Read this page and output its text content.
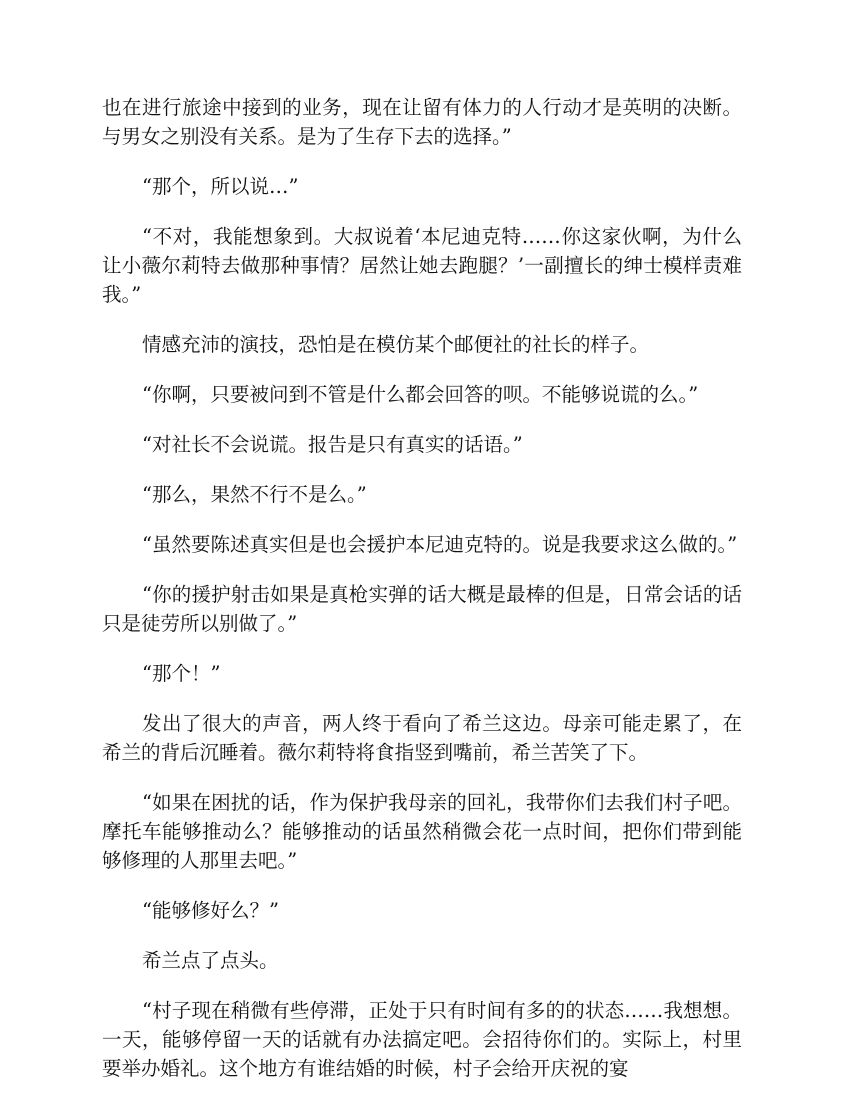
也在进行旅途中接到的业务，现在让留有体力的人行动才是英明的决断。与男女之别没有关系。是为了生存下去的选择。”

“那个，所以说…”

“不对，我能想象到。大叔说着‘本尼迪克特……你这家伙啊，为什么让小薇尔莉特去做那种事情？居然让她去跑腿？’一副擅长的绅士模样责难我。”

情感充沛的演技，恐怕是在模仿某个邮便社的社长的样子。

“你啊，只要被问到不管是什么都会回答的呗。不能够说谎的么。”

“对社长不会说谎。报告是只有真实的话语。”

“那么，果然不行不是么。”

“虽然要陈述真实但是也会援护本尼迪克特的。说是我要求这么做的。”

“你的援护射击如果是真枪实弹的话大概是最棒的但是，日常会话的话只是徒劳所以别做了。”

“那个！”

发出了很大的声音，两人终于看向了希兰这边。母亲可能走累了，在希兰的背后沉睡着。薇尔莉特将食指竖到嘴前，希兰苦笑了下。

“如果在困扰的话，作为保护我母亲的回礼，我带你们去我们村子吧。摩托车能够推动么？能够推动的话虽然稍微会花一点时间，把你们带到能够修理的人那里去吧。”

“能够修好么？”

希兰点了点头。

“村子现在稍微有些停滞，正处于只有时间有多的的状态……我想想。一天，能够停留一天的话就有办法搞定吧。会招待你们的。实际上，村里要举办婚礼。这个地方有谁结婚的时候，村子会给开庆祝的宴
